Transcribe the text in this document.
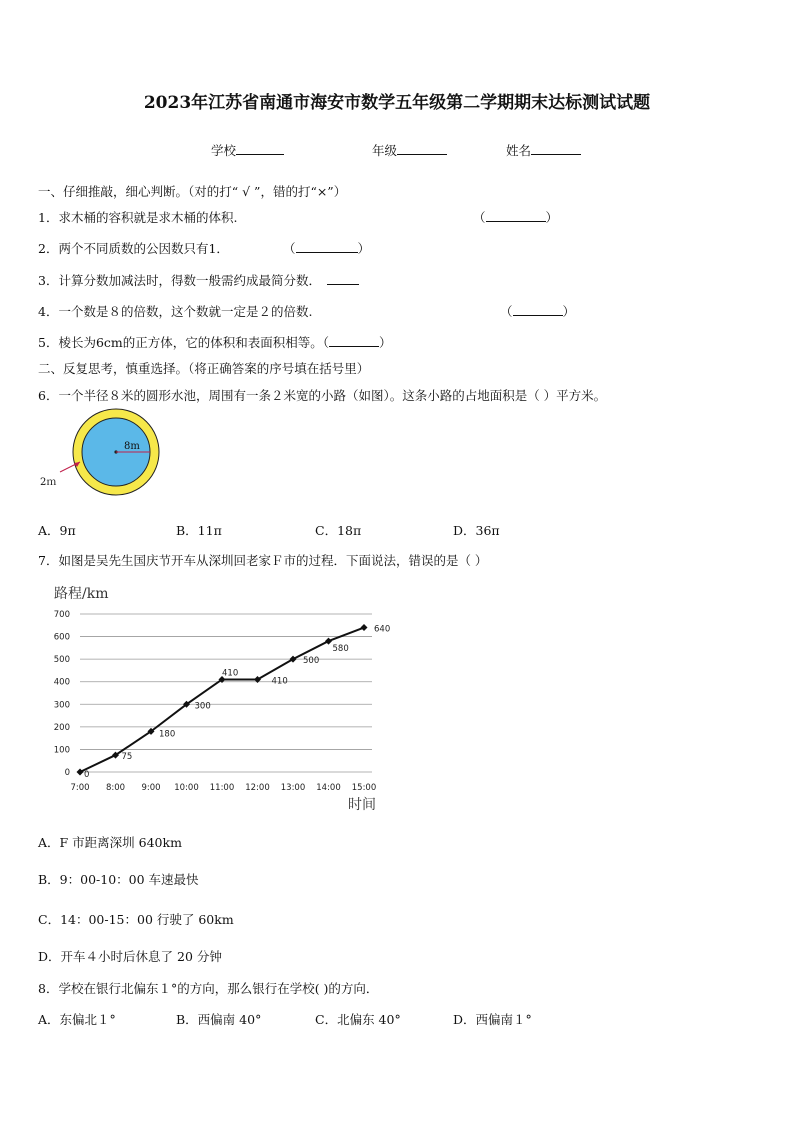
2023年江苏省南通市海安市数学五年级第二学期期末达标测试试题
学校	年级	姓名
一、仔细推敲，细心判断。（对的打“ √ ”，错的打“×”）
1．求木桶的容积就是求木桶的体积.	（	）
2．两个不同质数的公因数只有1．	（	）
3．计算分数加减法时，得数一般需约成最简分数．
4．一个数是８的倍数，这个数就一定是２的倍数.	（	）
5．棱长为6cm的正方体，它的体积和表面积相等。（	）
二、反复思考，慎重选择。（将正确答案的序号填在括号里）
6．一个半径８米的圆形水池，周围有一条２米宽的小路（如图）。这条小路的占地面积是（ ）平方米。
8m
2ｍ
A．9π	B．11π	C．18π	D．36π
7．如图是吴先生国庆节开车从深圳回老家Ｆ市的过程．下面说法，错误的是（ ）
0
100
200
300
400
500
600
700
7:00 8:00 9:00 10:00 11:00 12:00 13:00 14:00 15:00
0
75
180
300
410
410
500
580
640
路程/km
时间
A．F 市距离深圳 640km
B．9：00-10：00 车速最快
C．14：00-15：00 行驶了 60km
D．开车４小时后休息了 20 分钟
8．学校在银行北偏东１°的方向，那么银行在学校( )的方向．
A．东偏北１°	B．西偏南 40°	C．北偏东 40°	D．西偏南１°
